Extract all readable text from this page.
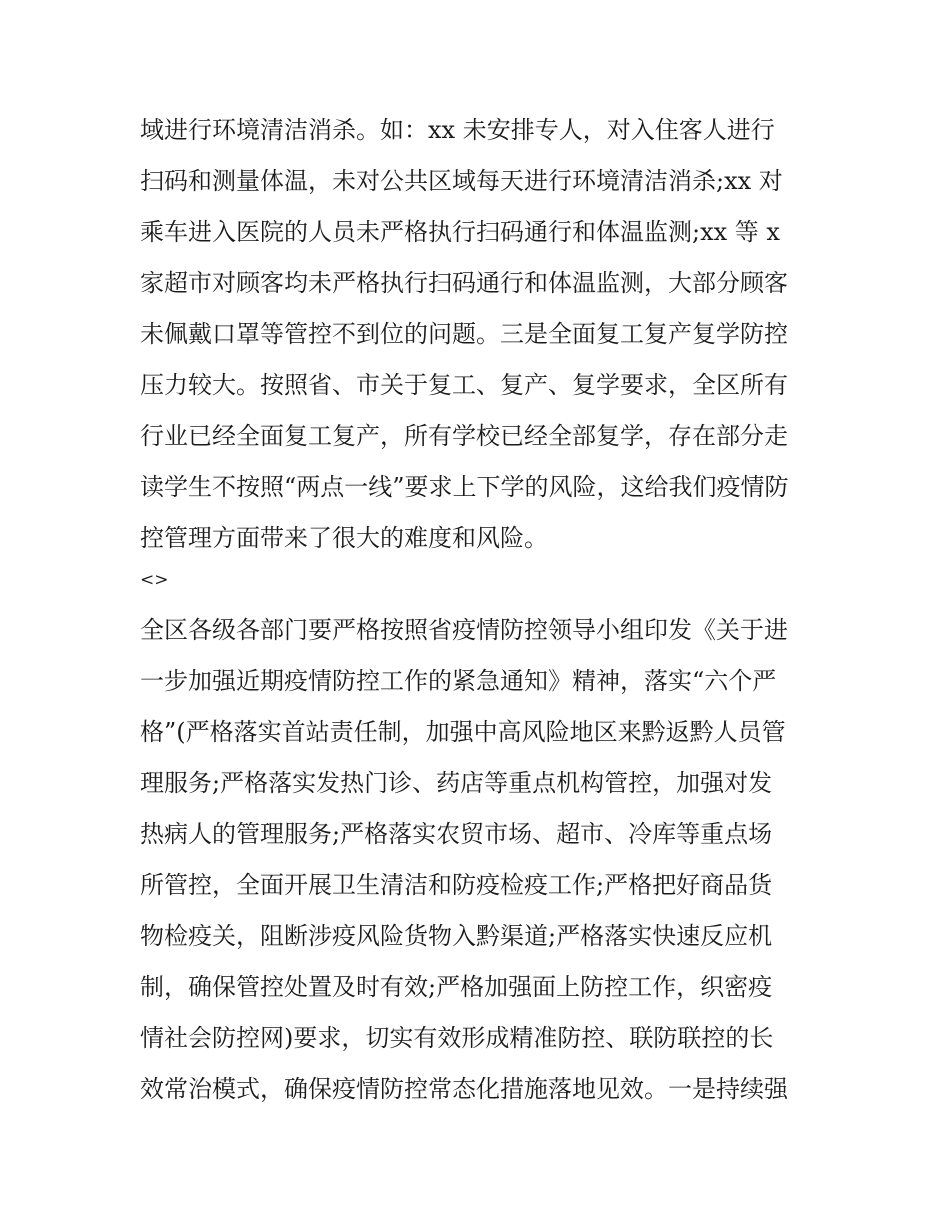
域进行环境清洁消杀。如：xx 未安排专人，对入住客人进行

扫码和测量体温，未对公共区域每天进行环境清洁消杀;xx 对

乘车进入医院的人员未严格执行扫码通行和体温监测;xx 等 x

家超市对顾客均未严格执行扫码通行和体温监测，大部分顾客

未佩戴口罩等管控不到位的问题。三是全面复工复产复学防控

压力较大。按照省、市关于复工、复产、复学要求，全区所有

行业已经全面复工复产，所有学校已经全部复学，存在部分走

读学生不按照“两点一线”要求上下学的风险，这给我们疫情防

控管理方面带来了很大的难度和风险。

<>

全区各级各部门要严格按照省疫情防控领导小组印发《关于进

一步加强近期疫情防控工作的紧急通知》精神，落实“六个严

格”(严格落实首站责任制，加强中高风险地区来黔返黔人员管

理服务;严格落实发热门诊、药店等重点机构管控，加强对发

热病人的管理服务;严格落实农贸市场、超市、冷库等重点场

所管控，全面开展卫生清洁和防疫检疫工作;严格把好商品货

物检疫关，阻断涉疫风险货物入黔渠道;严格落实快速反应机

制，确保管控处置及时有效;严格加强面上防控工作，织密疫

情社会防控网)要求，切实有效形成精准防控、联防联控的长

效常治模式，确保疫情防控常态化措施落地见效。一是持续强
